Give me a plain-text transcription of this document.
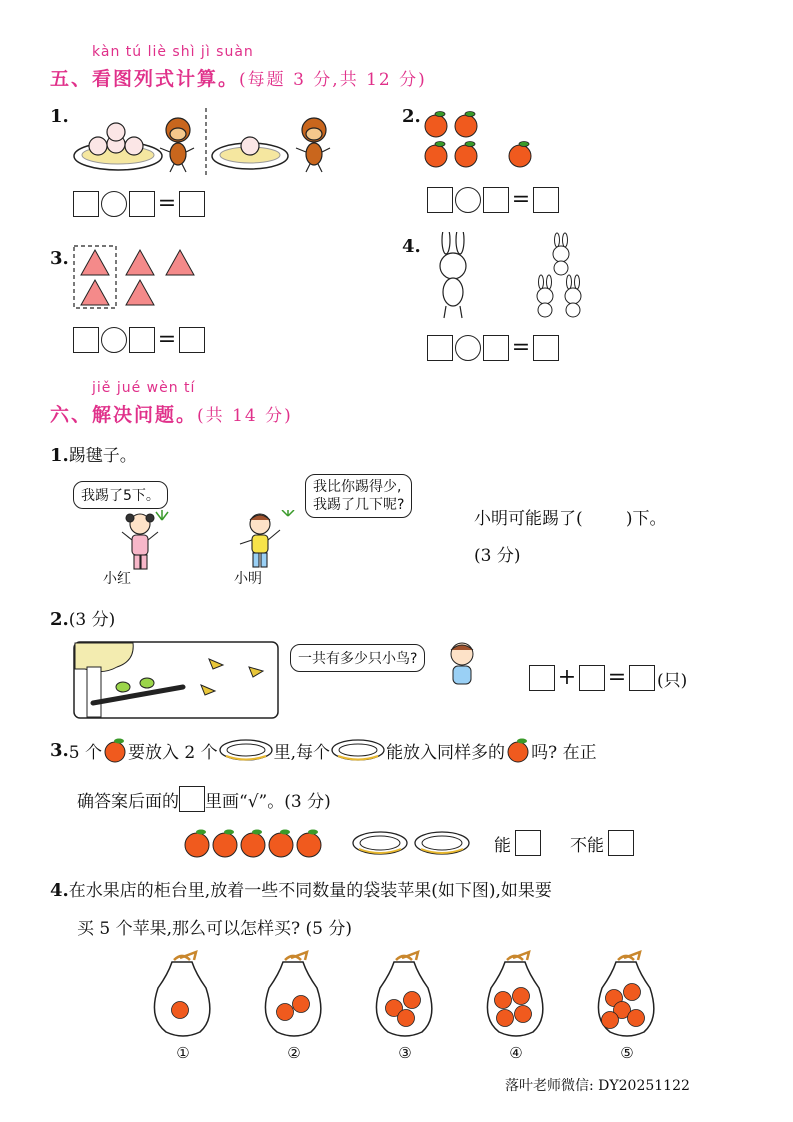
kàn tú liè shì jì suàn
五、看图列式计算。(每题 3 分,共 12 分)
1.
=
2.
=
3.
=
4.
=
jiě jué wèn tí
六、解决问题。(共 14 分)
1.踢毽子。
我踢了5下。
我比你踢得少,
我踢了几下呢?
小红	小明
小明可能踢了(        )下。
(3 分)
2.(3 分)
一共有多少只小鸟?
+ = (只)
3. 5 个 要放入 2 个	里,每个	能放入同样多的 吗? 在正
确答案后面的 里画“√”。(3 分)
能	不能
4.在水果店的柜台里,放着一些不同数量的袋装苹果(如下图),如果要
买 5 个苹果,那么可以怎样买? (5 分)
①	②	③	④	⑤
落叶老师微信: DY20251122
